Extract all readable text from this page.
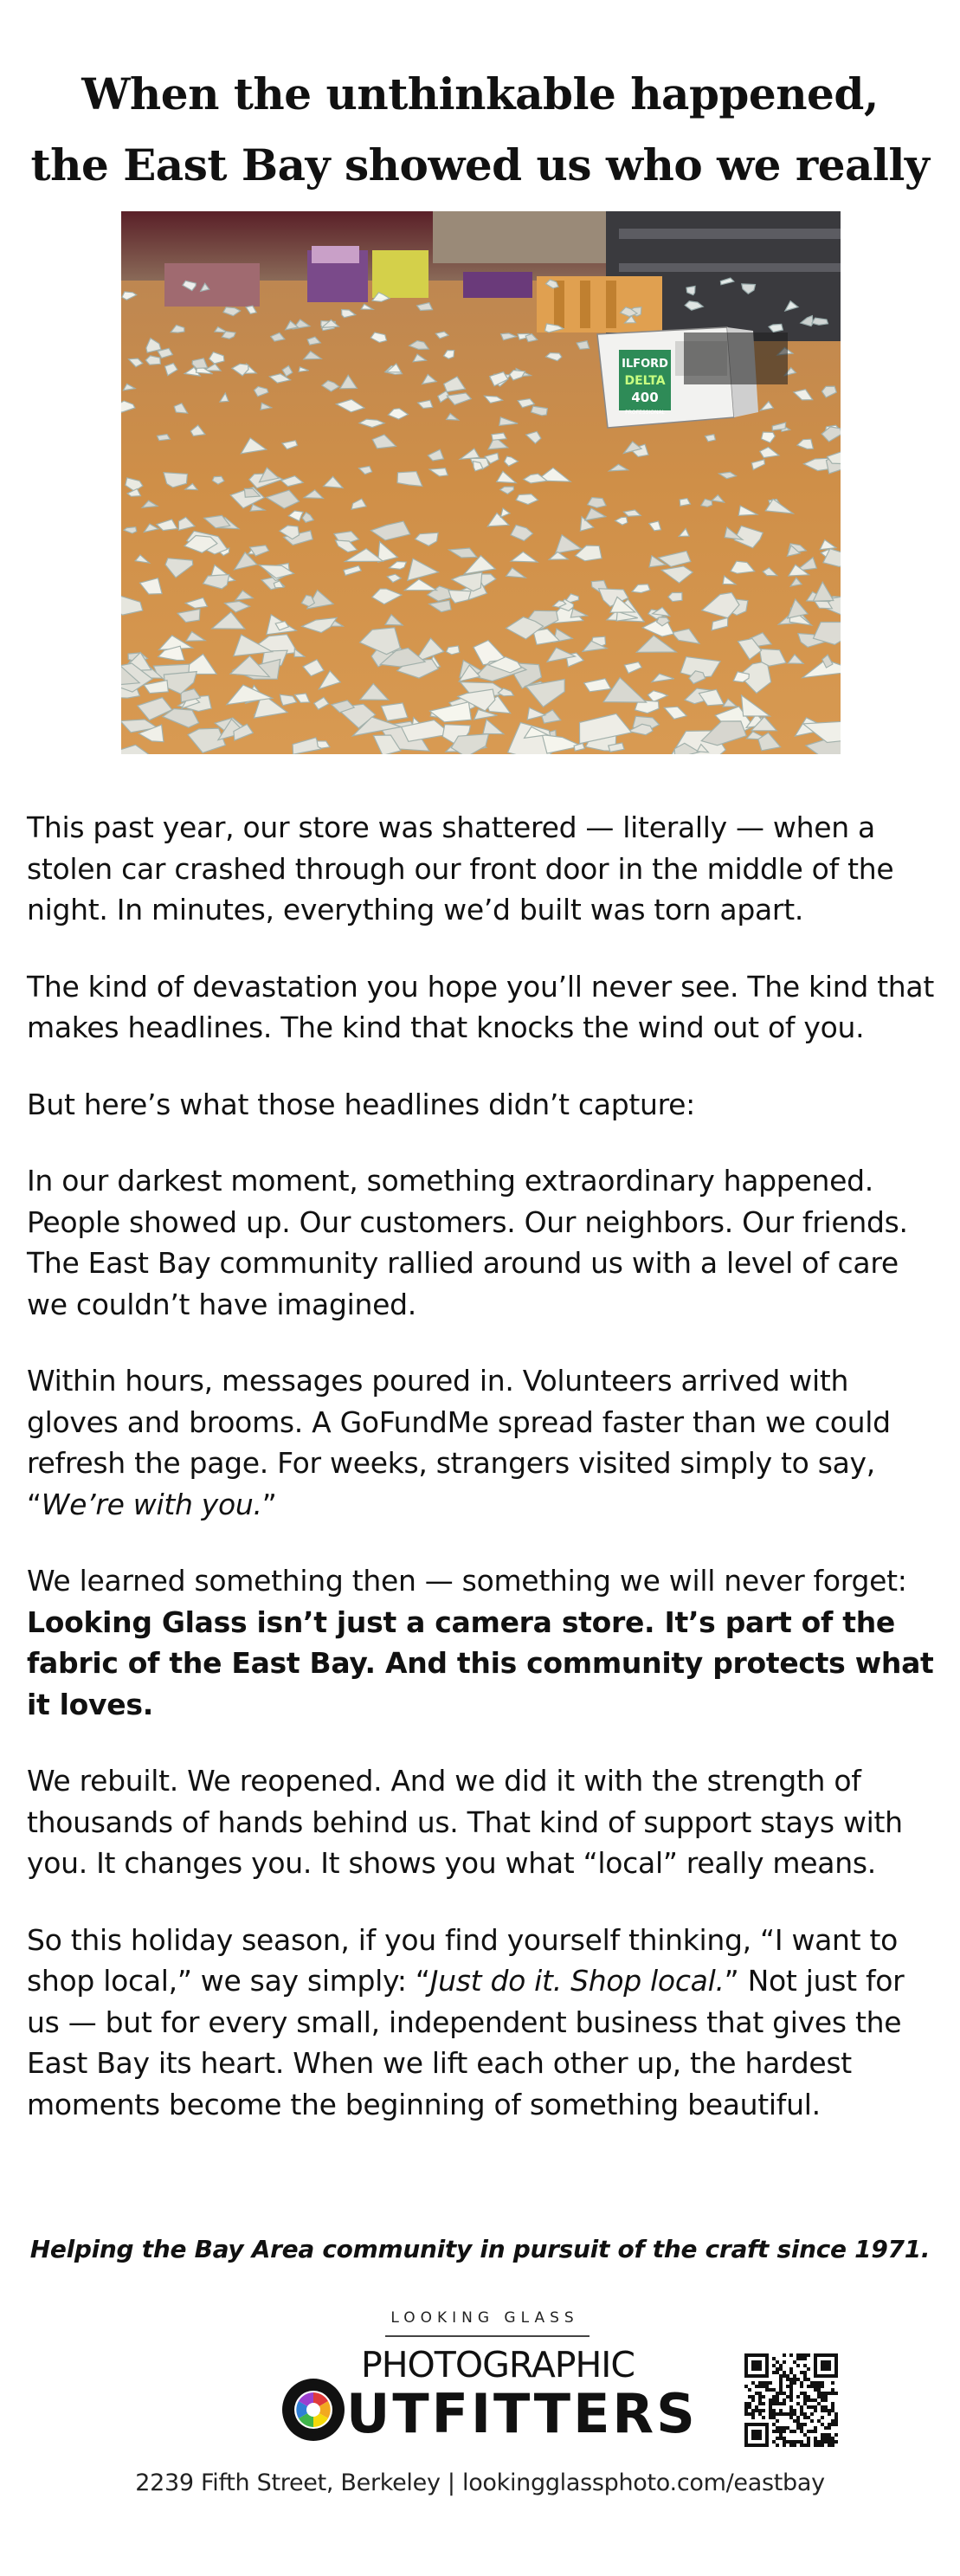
When the unthinkable happened,
the East Bay showed us who we really
ILFORD
DELTA
400
PROFESSIONAL

This past year, our store was shattered — literally — when a stolen car crashed through our front door in the middle of the night. In minutes, everything we’d built was torn apart.

The kind of devastation you hope you’ll never see. The kind that makes headlines. The kind that knocks the wind out of you.

But here’s what those headlines didn’t capture:

In our darkest moment, something extraordinary happened. People showed up. Our customers. Our neighbors. Our friends. The East Bay community rallied around us with a level of care we couldn’t have imagined.

Within hours, messages poured in. Volunteers arrived with gloves and brooms. A GoFundMe spread faster than we could refresh the page. For weeks, strangers visited simply to say, “We’re with you.”

We learned something then — something we will never forget: Looking Glass isn’t just a camera store. It’s part of the fabric of the East Bay. And this community protects what it loves.

We rebuilt. We reopened. And we did it with the strength of thousands of hands behind us. That kind of support stays with you. It changes you. It shows you what “local” really means.

So this holiday season, if you find yourself thinking, “I want to shop local,” we say simply: “Just do it. Shop local.” Not just for us — but for every small, independent business that gives the East Bay its heart. When we lift each other up, the hardest moments become the beginning of something beautiful.

Helping the Bay Area community in pursuit of the craft since 1971.
LOOKING GLASS
PHOTOGRAPHIC
UTFITTERS
2239 Fifth Street, Berkeley | lookingglassphoto.com/eastbay
